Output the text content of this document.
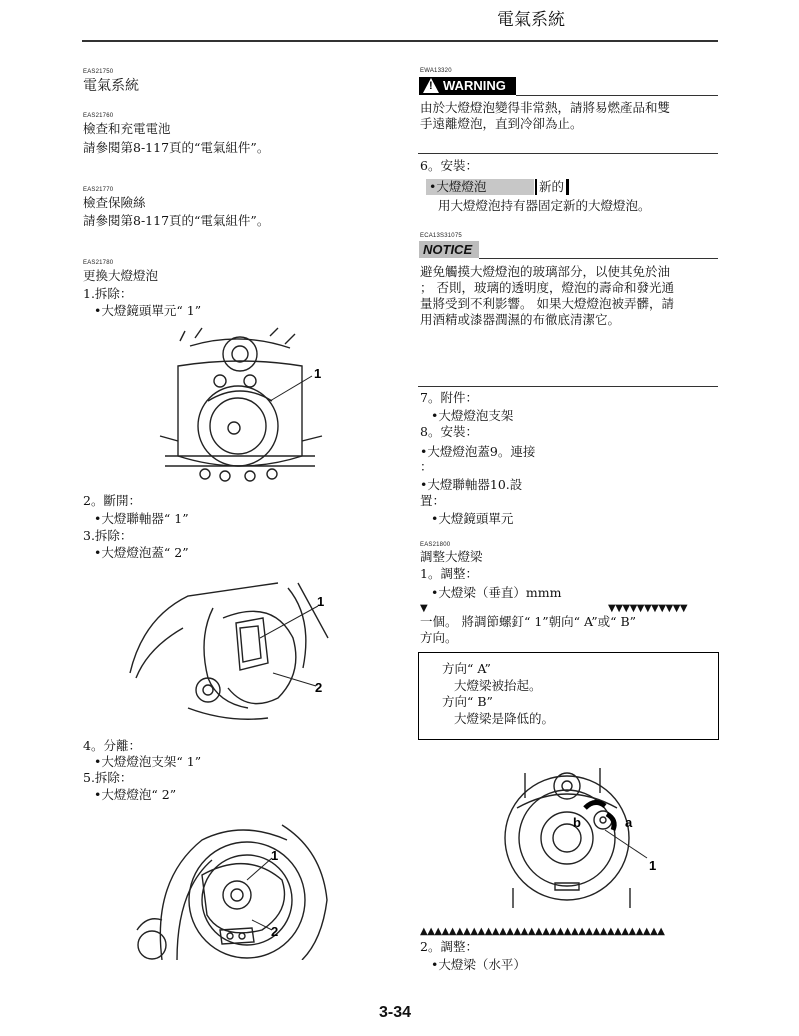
電氣系統
EAS21750
電氣系統
EAS21760
檢查和充電電池
請參閱第8-117頁的“電氣組件”。
EAS21770
檢查保險絲
請參閱第8-117頁的“電氣組件”。
EAS21780
更換大燈燈泡
1.拆除：
•大燈鏡頭單元“ 1”
1
2。斷開：
•大燈聯軸器“ 1”
3.拆除：
•大燈燈泡蓋“ 2”
1
2
4。分離：
•大燈燈泡支架“ 1”
5.拆除：
•大燈燈泡“ 2”
1
2
EWA13320
! WARNING
由於大燈燈泡變得非常熱，請將易燃產品和雙
手遠離燈泡，直到冷卻為止。
6。安裝：
•大燈燈泡	新的
用大燈燈泡持有器固定新的大燈燈泡。
ECA13S31075
NOTICE
避免觸摸大燈燈泡的玻璃部分，以使其免於油
； 否則，玻璃的透明度，燈泡的壽命和發光通
量將受到不利影響。 如果大燈燈泡被弄髒，請
用酒精或漆器潤濕的布徹底清潔它。
7。附件：
•大燈燈泡支架
8。安裝：
•大燈燈泡蓋9。連接
：
•大燈聯軸器10.設
置：
•大燈鏡頭單元
EAS21800
調整大燈梁
1。調整：
•大燈梁（垂直）mmm
▼	▼▼▼▼▼▼▼▼▼▼▼
一個。 將調節螺釘“ 1”朝向“ A”或“ B”
方向。
方向“ A”
大燈梁被抬起。
方向“ B”
大燈梁是降低的。
b	a
1
▲▲▲▲▲▲▲▲▲▲▲▲▲▲▲▲▲▲▲▲▲▲▲▲▲▲▲▲▲▲▲▲▲▲
2。調整：
•大燈梁（水平）
3-34
